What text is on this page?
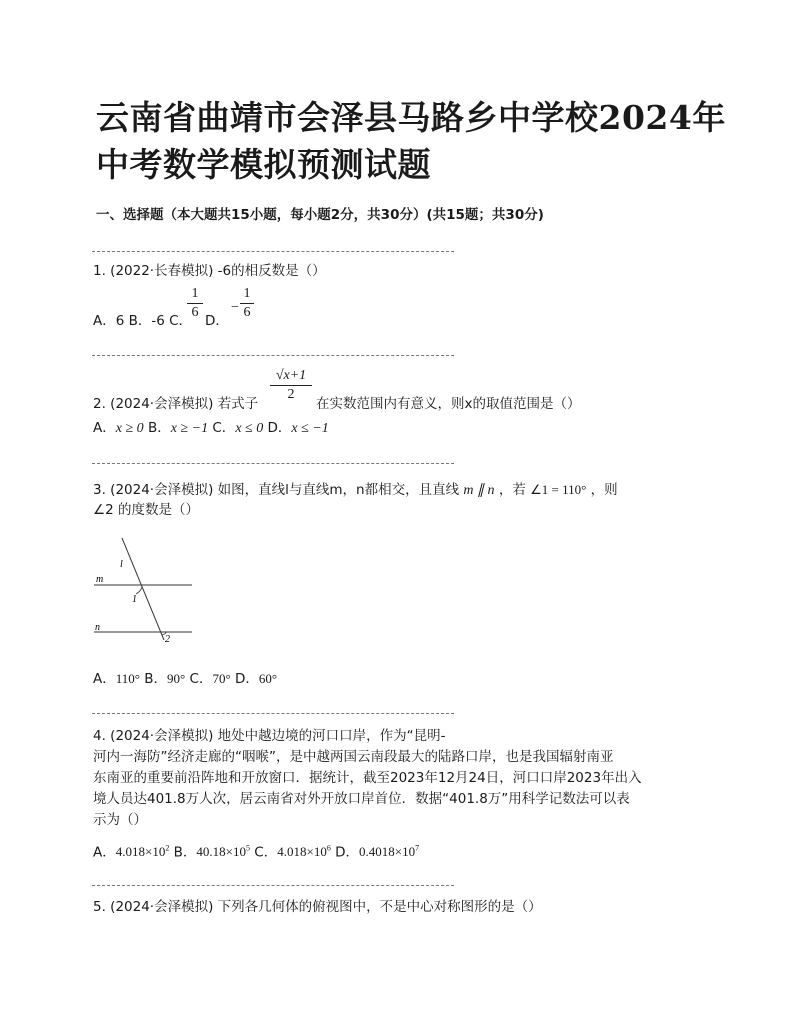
云南省曲靖市会泽县马路乡中学校2024年中考数学模拟预测试题
一、选择题（本大题共15小题，每小题2分，共30分）(共15题；共30分)
1. (2022·长春模拟) -6的相反数是（）
A．6 B．-6 C．
1
6
D．
−
1
6
2. (2024·会泽模拟) 若式子
√x+1
2
在实数范围内有意义，则x的取值范围是（）
A．x ≥ 0 B．x ≥ −1 C．x ≤ 0 D．x ≤ −1
3. (2024·会泽模拟) 如图，直线l与直线m，n都相交，且直线 m ∥ n ，若 ∠1 = 110° ，则
∠2 的度数是（）
l
m
n
1
2
A．110° B．90° C．70° D．60°
4. (2024·会泽模拟) 地处中越边境的河口口岸，作为“昆明-
河内一海防”经济走廊的“咽喉”，是中越两国云南段最大的陆路口岸，也是我国辐射南亚
东南亚的重要前沿阵地和开放窗口．据统计，截至2023年12月24日，河口口岸2023年出入
境人员达401.8万人次，居云南省对外开放口岸首位．数据“401.8万”用科学记数法可以表
示为（）
A．$4.018\times 10^2$ B．$40.18\times 10^5$ C．$4.018\times 10^6$ D．$0.4018\times 10^7$
5. (2024·会泽模拟) 下列各几何体的俯视图中，不是中心对称图形的是（）
